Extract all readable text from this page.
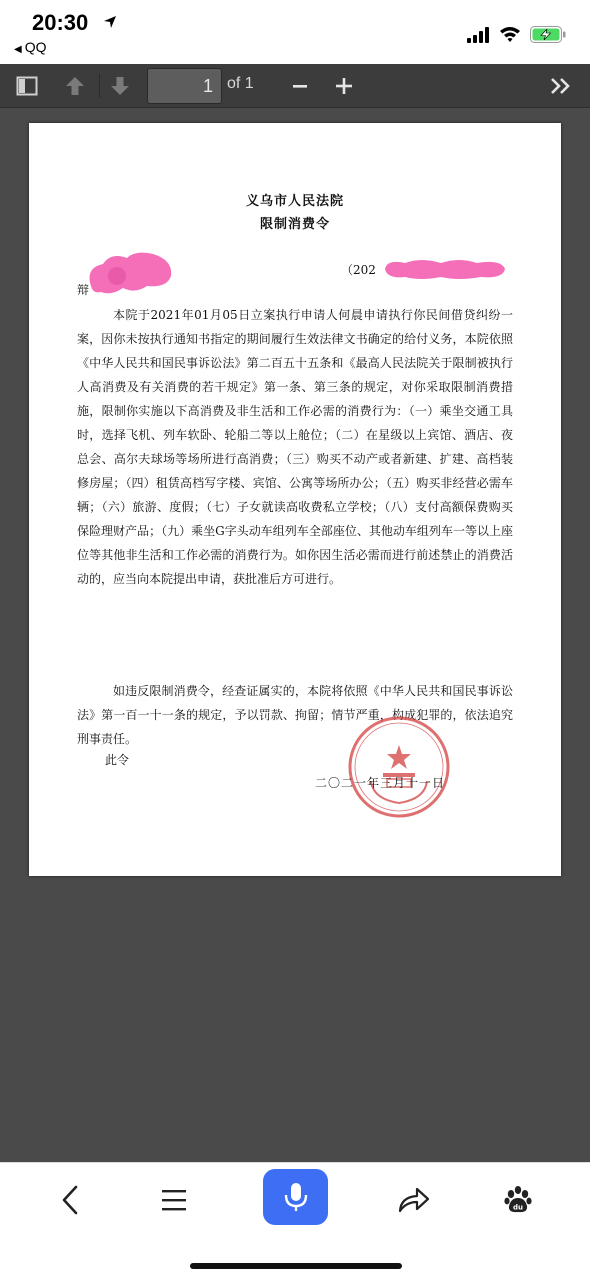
20:30
◀ QQ
1 of 1
义乌市人民法院
限制消费令
（202
辩
本院于2021年01月05日立案执行申请人何晨申请执行你民间借贷纠纷一案，因你未按执行通知书指定的期间履行生效法律文书确定的给付义务，本院依照《中华人民共和国民事诉讼法》第二百五十五条和《最高人民法院关于限制被执行人高消费及有关消费的若干规定》第一条、第三条的规定，对你采取限制消费措施，限制你实施以下高消费及非生活和工作必需的消费行为：（一）乘坐交通工具时，选择飞机、列车软卧、轮船二等以上舱位；（二）在星级以上宾馆、酒店、夜总会、高尔夫球场等场所进行高消费；（三）购买不动产或者新建、扩建、高档装修房屋；（四）租赁高档写字楼、宾馆、公寓等场所办公；（五）购买非经营必需车辆；（六）旅游、度假；（七）子女就读高收费私立学校；（八）支付高额保费购买保险理财产品；（九）乘坐G字头动车组列车全部座位、其他动车组列车一等以上座位等其他非生活和工作必需的消费行为。如你因生活必需而进行前述禁止的消费活动的，应当向本院提出申请，获批准后方可进行。
如违反限制消费令，经查证属实的，本院将依照《中华人民共和国民事诉讼法》第一百一十一条的规定，予以罚款、拘留；情节严重，构成犯罪的，依法追究刑事责任。
此令
二〇二一年三月十一日
du
